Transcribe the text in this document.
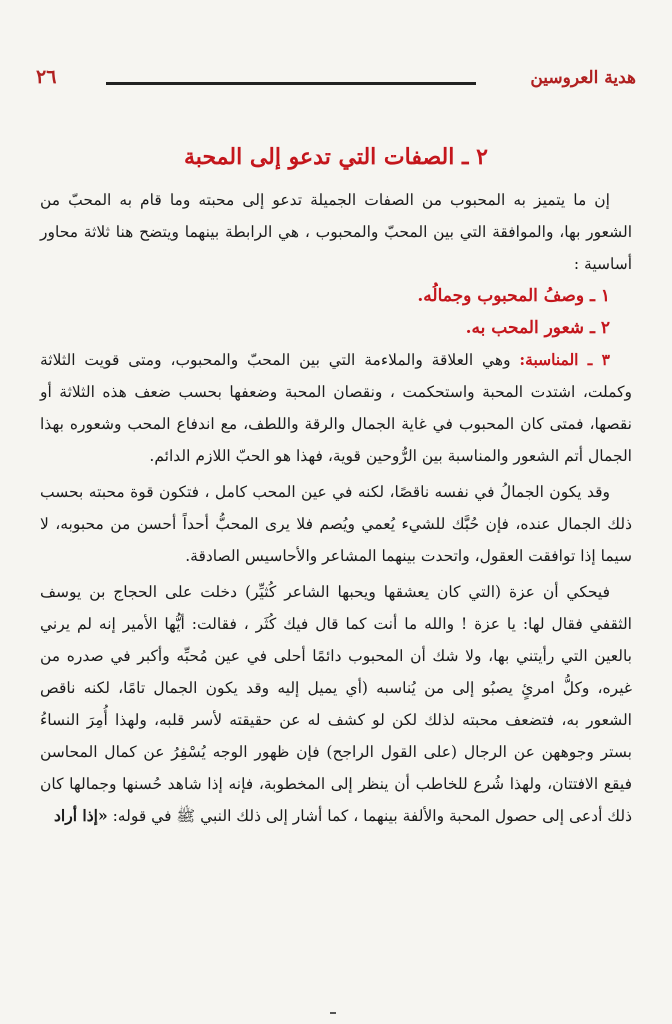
هدية العروسين
٢٦
٢ ـ الصفات التي تدعو إلى المحبة

إن ما يتميز به المحبوب من الصفات الجميلة تدعو إلى محبته وما قام به المحبّ من الشعور بها، والموافقة التي بين المحبّ والمحبوب ، هي الرابطة بينهما ويتضح هنا ثلاثة محاور أساسية :

١ ـ وصفُ المحبوب وجمالُه.
٢ ـ شعور المحب به.

٣ ـ المناسبة: وهي العلاقة والملاءمة التي بين المحبّ والمحبوب، ومتى قويت الثلاثة وكملت، اشتدت المحبة واستحكمت ، ونقصان المحبة وضعفها بحسب ضعف هذه الثلاثة أو نقصها، فمتى كان المحبوب في غاية الجمال والرقة واللطف، مع اندفاع المحب وشعوره بهذا الجمال أتم الشعور والمناسبة بين الرُّوحين قوية، فهذا هو الحبّ اللازم الدائم.

وقد يكون الجمالُ في نفسه ناقصًا، لكنه في عين المحب كامل ، فتكون قوة محبته بحسب ذلك الجمال عنده، فإن حُبَّك للشيء يُعمي ويُصم فلا يرى المحبُّ أحداً أحسن من محبوبه، لا سيما إذا توافقت العقول، واتحدت بينهما المشاعر والأحاسيس الصادقة.

فيحكي أن عزة (التي كان يعشقها ويحبها الشاعر كُثيِّر) دخلت على الحجاج بن يوسف الثقفي فقال لها: يا عزة ! والله ما أنت كما قال فيك كُثَر ، فقالت: أيُّها الأمير إنه لم يرني بالعين التي رأيتني بها، ولا شك أن المحبوب دائمًا أحلى في عين مُحبِّه وأكبر في صدره من غيره، وكلُّ امرئٍ يصبُو إلى من يُناسبه (أي يميل إليه وقد يكون الجمال تامًا، لكنه ناقص الشعور به، فتضعف محبته لذلك لكن لو كشف له عن حقيقته لأسر قلبه، ولهذا أُمِرَ النساءُ بستر وجوههن عن الرجال (على القول الراجح) فإن ظهور الوجه يُسْفِرُ عن كمال المحاسن فيقع الافتتان، ولهذا شُرع للخاطب أن ينظر إلى المخطوبة، فإنه إذا شاهد حُسنها وجمالها كان ذلك أدعى إلى حصول المحبة والألفة بينهما ، كما أشار إلى ذلك النبي ﷺ في قوله: «إذا أراد
